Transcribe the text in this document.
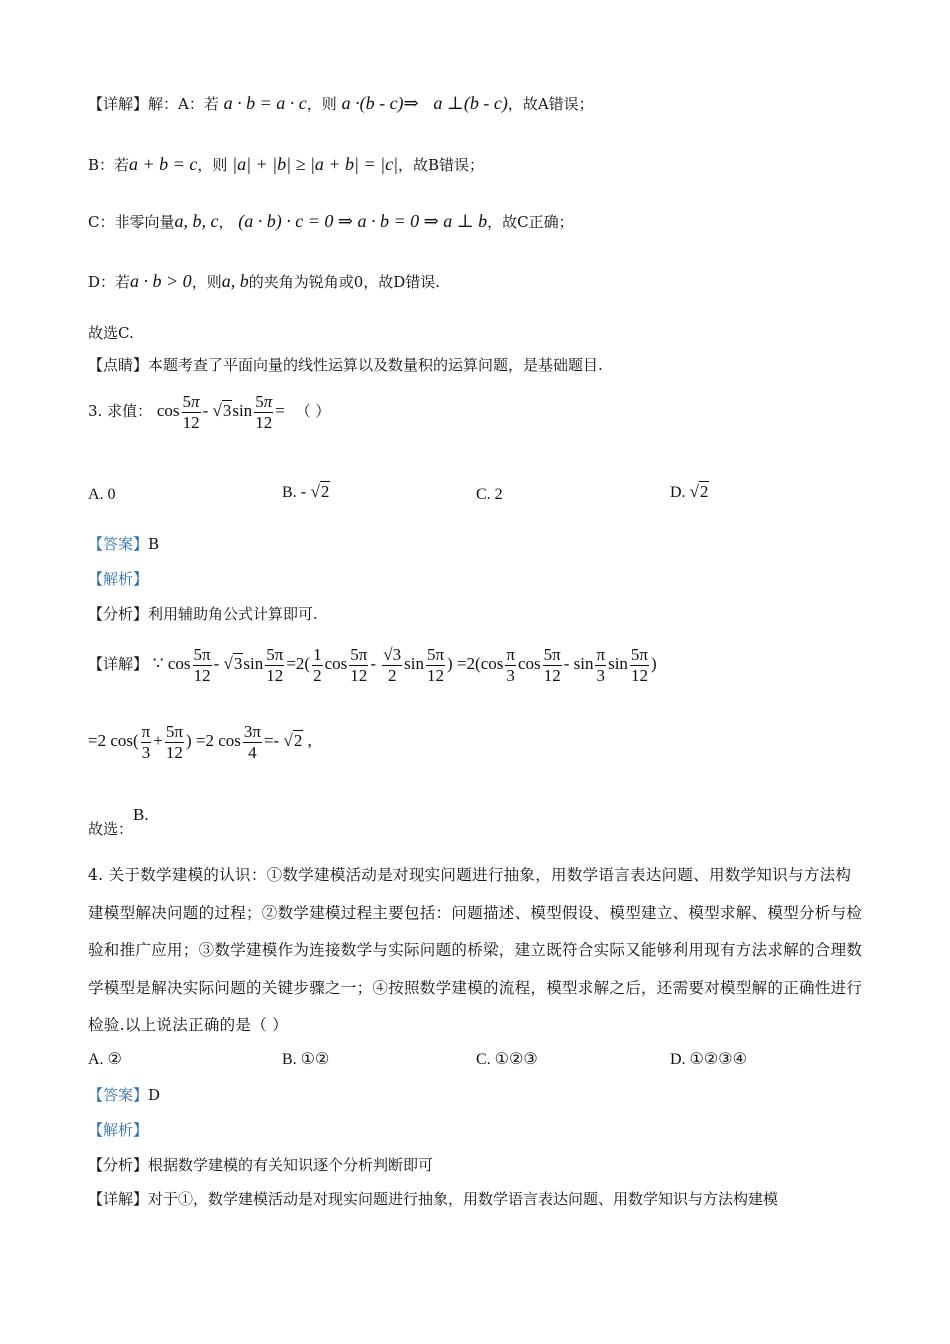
【详解】解：A：若 a · b = a · c，则 a ·(b - c)⇒ a ⊥(b - c)，故A错误；
B：若a + b = c，则 |a| + |b| ≥ |a + b| = |c|，故B错误；
C：非零向量a, b, c， (a · b) · c = 0 ⇒ a · b = 0 ⇒ a ⊥ b，故C正确；
D：若a · b > 0，则a, b的夹角为锐角或0，故D错误.
故选C.
【点睛】本题考查了平面向量的线性运算以及数量积的运算问题，是基础题目.
3. 求值： $\cos \frac{5\pi}{12} - √3\sin \frac{5\pi}{12}$ = （ ）
A. 0	B. - √2	C. 2	D. √2
【答案】B
【解析】
【分析】利用辅助角公式计算即可.
【详解】 ∵ $\cos \frac{5\pi}{12} - √3\sin \frac{5\pi}{12} =2( \frac{1}{2}$ $\cos \frac{5\pi}{12} - \frac{√3}{2}$ $\sin \frac{5\pi}{12}$ ) $=2(\cos \frac{\pi}{3}$ $\cos \frac{5\pi}{12}$ - $\sin \frac{\pi}{3}$ $\sin \frac{5\pi}{12}$ )
=2 $\cos( \frac{\pi}{3} + \frac{5\pi}{12}$ ) =2 $\cos \frac{3\pi}{4} =- √2$ ,
故选：B.
4. 关于数学建模的认识：①数学建模活动是对现实问题进行抽象，用数学语言表达问题、用数学知识与方法构建模型解决问题的过程；②数学建模过程主要包括：问题描述、模型假设、模型建立、模型求解、模型分析与检验和推广应用；③数学建模作为连接数学与实际问题的桥梁，建立既符合实际又能够利用现有方法求解的合理数学模型是解决实际问题的关键步骤之一；④按照数学建模的流程，模型求解之后，还需要对模型解的正确性进行检验.以上说法正确的是（ ）
A. ②	B. ①②	C. ①②③	D. ①②③④
【答案】D
【解析】
【分析】根据数学建模的有关知识逐个分析判断即可
【详解】对于①，数学建模活动是对现实问题进行抽象，用数学语言表达问题、用数学知识与方法构建模
